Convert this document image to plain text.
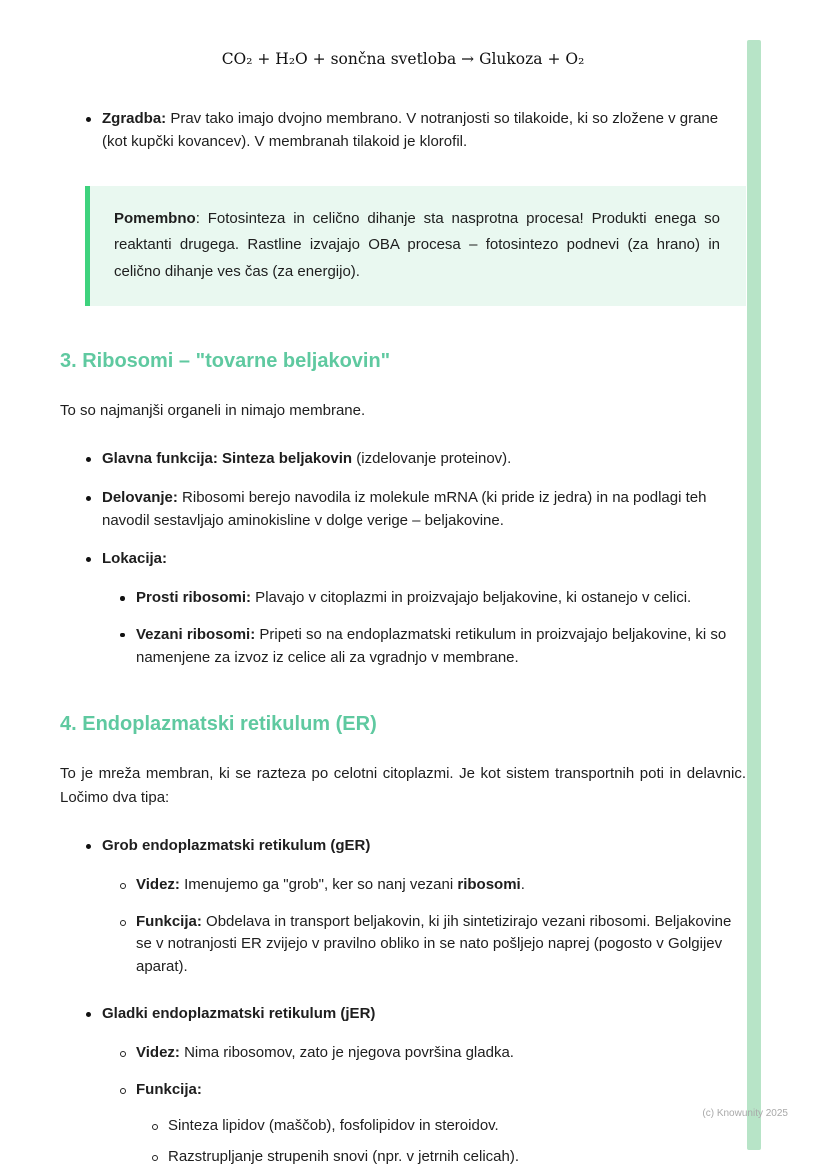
CO₂ + H₂O + sončna svetloba → Glukoza + O₂
Zgradba: Prav tako imajo dvojno membrano. V notranjosti so tilakoide, ki so zložene v grane (kot kupčki kovancev). V membranah tilakoid je klorofil.
Pomembno: Fotosinteza in celično dihanje sta nasprotna procesa! Produkti enega so reaktanti drugega. Rastline izvajajo OBA procesa – fotosintezo podnevi (za hrano) in celično dihanje ves čas (za energijo).
3. Ribosomi – "tovarne beljakovin"

To so najmanjši organeli in nimajo membrane.

Glavna funkcija: Sinteza beljakovin (izdelovanje proteinov).
Delovanje: Ribosomi berejo navodila iz molekule mRNA (ki pride iz jedra) in na podlagi teh navodil sestavljajo aminokisline v dolge verige – beljakovine.
Lokacija:
Prosti ribosomi: Plavajo v citoplazmi in proizvajajo beljakovine, ki ostanejo v celici.
Vezani ribosomi: Pripeti so na endoplazmatski retikulum in proizvajajo beljakovine, ki so namenjene za izvoz iz celice ali za vgradnjo v membrane.
4. Endoplazmatski retikulum (ER)

To je mreža membran, ki se razteza po celotni citoplazmi. Je kot sistem transportnih poti in delavnic. Ločimo dva tipa:

Grob endoplazmatski retikulum (gER)
Videz: Imenujemo ga "grob", ker so nanj vezani ribosomi.
Funkcija: Obdelava in transport beljakovin, ki jih sintetizirajo vezani ribosomi. Beljakovine se v notranjosti ER zvijejo v pravilno obliko in se nato pošljejo naprej (pogosto v Golgijev aparat).
Gladki endoplazmatski retikulum (jER)
Videz: Nima ribosomov, zato je njegova površina gladka.
Funkcija:
Sinteza lipidov (maščob), fosfolipidov in steroidov.
Razstrupljanje strupenih snovi (npr. v jetrnih celicah).
(c) Knowunity 2025
